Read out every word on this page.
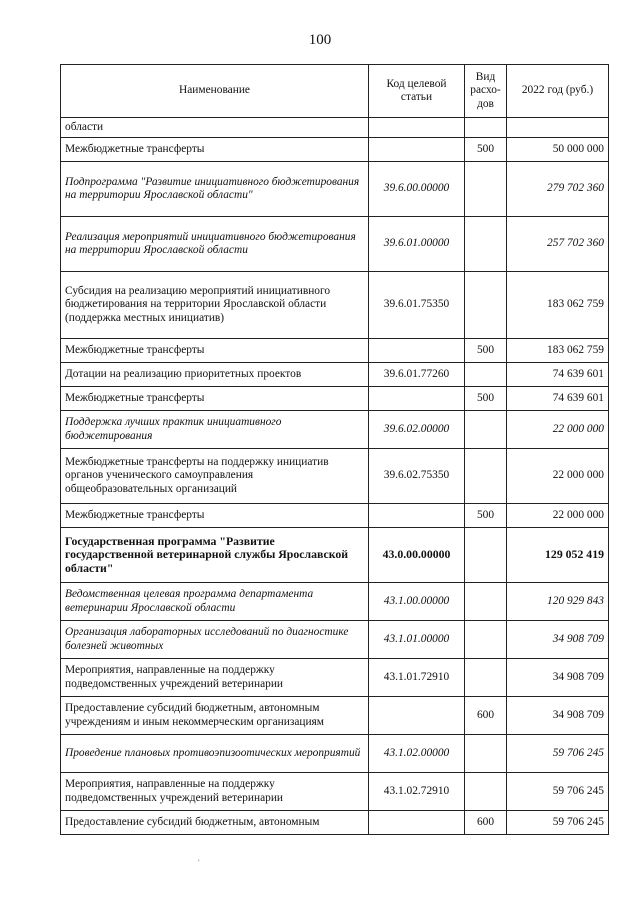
100
Наименование	Код целевой статьи	Вид расхо-дов	2022 год (руб.)
области			
Межбюджетные трансферты		500	50 000 000
Подпрограмма "Развитие инициативного бюджетирования на территории Ярославской области"	39.6.00.00000		279 702 360
Реализация мероприятий инициативного бюджетирования на территории Ярославской области	39.6.01.00000		257 702 360
Субсидия на реализацию мероприятий инициативного бюджетирования на территории Ярославской области (поддержка местных инициатив)	39.6.01.75350		183 062 759
Межбюджетные трансферты		500	183 062 759
Дотации на реализацию приоритетных проектов	39.6.01.77260		74 639 601
Межбюджетные трансферты		500	74 639 601
Поддержка лучших практик инициативного бюджетирования	39.6.02.00000		22 000 000
Межбюджетные трансферты на поддержку инициатив органов ученического самоуправления общеобразовательных организаций	39.6.02.75350		22 000 000
Межбюджетные трансферты		500	22 000 000
Государственная программа "Развитие государственной ветеринарной службы Ярославской области"	43.0.00.00000		129 052 419
Ведомственная целевая программа департамента ветеринарии Ярославской области	43.1.00.00000		120 929 843
Организация лабораторных исследований по диагностике болезней животных	43.1.01.00000		34 908 709
Мероприятия, направленные на поддержку подведомственных учреждений ветеринарии	43.1.01.72910		34 908 709
Предоставление субсидий бюджетным, автономным учреждениям и иным некоммерческим организациям		600	34 908 709
Проведение плановых противоэпизоотических мероприятий	43.1.02.00000		59 706 245
Мероприятия, направленные на поддержку подведомственных учреждений ветеринарии	43.1.02.72910		59 706 245
Предоставление субсидий бюджетным, автономным		600	59 706 245
'
